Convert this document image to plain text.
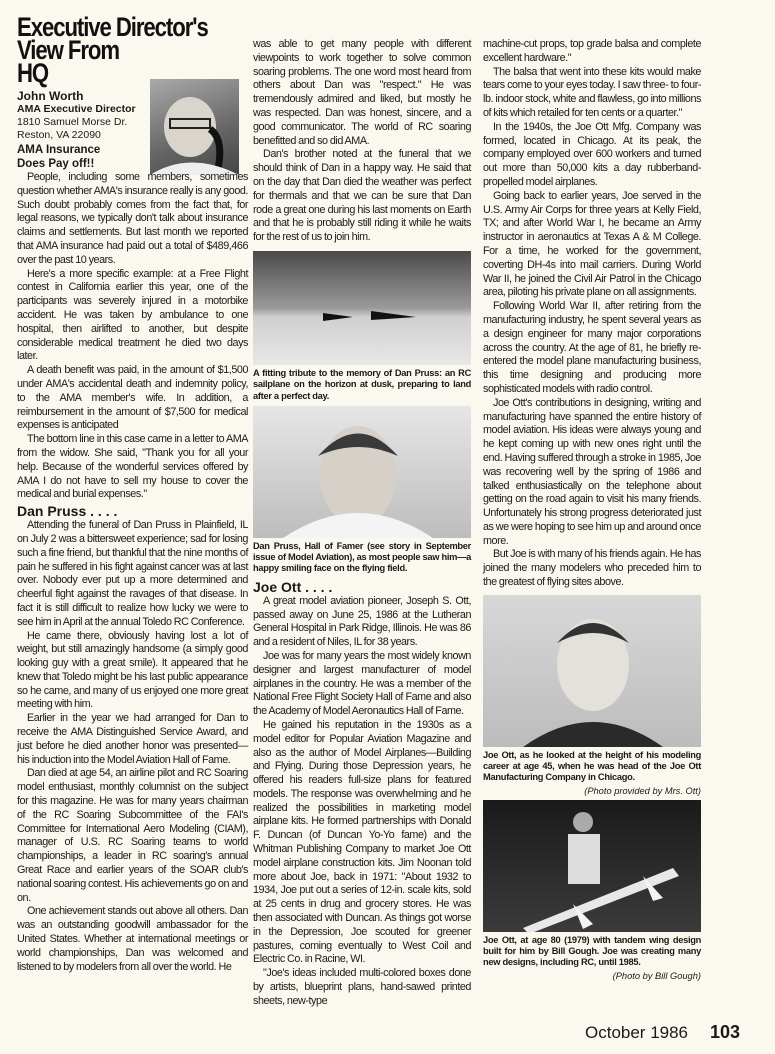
Executive Director's
View From
HQ
John Worth
AMA Executive Director
1810 Samuel Morse Dr.
Reston, VA 22090
AMA Insurance
Does Pay off!!

People, including some members, sometimes question whether AMA's insurance really is any good. Such doubt probably comes from the fact that, for legal reasons, we typically don't talk about insurance claims and settlements. But last month we reported that AMA insurance had paid out a total of $489,466 over the past 10 years.

Here's a more specific example: at a Free Flight contest in California earlier this year, one of the participants was severely injured in a motorbike accident. He was taken by ambulance to one hospital, then airlifted to another, but despite considerable medical treatment he died two days later.

A death benefit was paid, in the amount of $1,500 under AMA's accidental death and indemnity policy, to the AMA member's wife. In addition, a reimbursement in the amount of $7,500 for medical expenses is anticipated

The bottom line in this case came in a letter to AMA from the widow. She said, "Thank you for all your help. Because of the wonderful services offered by AMA I do not have to sell my house to cover the medical and burial expenses."

Dan Pruss . . . .

Attending the funeral of Dan Pruss in Plainfield, IL on July 2 was a bittersweet experience; sad for losing such a fine friend, but thankful that the nine months of pain he suffered in his fight against cancer was at last over. Nobody ever put up a more determined and cheerful fight against the ravages of that disease. In fact it is still difficult to realize how lucky we were to see him in April at the annual Toledo RC Conference.

He came there, obviously having lost a lot of weight, but still amazingly handsome (a simply good looking guy with a great smile). It appeared that he knew that Toledo might be his last public appearance so he came, and many of us enjoyed one more great meeting with him.

Earlier in the year we had arranged for Dan to receive the AMA Distinguished Service Award, and just before he died another honor was presented—his induction into the Model Aviation Hall of Fame.

Dan died at age 54, an airline pilot and RC Soaring model enthusiast, monthly columnist on the subject for this magazine. He was for many years chairman of the RC Soaring Subcommittee of the FAI's Committee for International Aero Modeling (CIAM), manager of U.S. RC Soaring teams to world championships, a leader in RC soaring's annual Great Race and earlier years of the SOAR club's national soaring contest. His achievements go on and on.

One achievement stands out above all others. Dan was an outstanding goodwill ambassador for the United States. Whether at international meetings or world championships, Dan was welcomed and listened to by modelers from all over the world. He

was able to get many people with different viewpoints to work together to solve common soaring problems. The one word most heard from others about Dan was "respect." He was tremendously admired and liked, but mostly he was respected. Dan was honest, sincere, and a good communicator. The world of RC soaring benefitted and so did AMA.

Dan's brother noted at the funeral that we should think of Dan in a happy way. He said that on the day that Dan died the weather was perfect for thermals and that we can be sure that Dan rode a great one during his last moments on Earth and that he is probably still riding it while he waits for the rest of us to join him.

A fitting tribute to the memory of Dan Pruss: an RC sailplane on the horizon at dusk, preparing to land after a perfect day.
Dan Pruss, Hall of Famer (see story in September issue of Model Aviation), as most people saw him—a happy smiling face on the flying field.
Joe Ott . . . .

A great model aviation pioneer, Joseph S. Ott, passed away on June 25, 1986 at the Lutheran General Hospital in Park Ridge, Illinois. He was 86 and a resident of Niles, IL for 38 years.

Joe was for many years the most widely known designer and largest manufacturer of model airplanes in the country. He was a member of the National Free Flight Society Hall of Fame and also the Academy of Model Aeronautics Hall of Fame.

He gained his reputation in the 1930s as a model editor for Popular Aviation Magazine and also as the author of Model Airplanes—Building and Flying. During those Depression years, he offered his readers full-size plans for featured models. The response was overwhelming and he realized the possibilities in marketing model airplane kits. He formed partnerships with Donald F. Duncan (of Duncan Yo-Yo fame) and the Whitman Publishing Company to market Joe Ott model airplane construction kits. Jim Noonan told more about Joe, back in 1971: "About 1932 to 1934, Joe put out a series of 12-in. scale kits, sold at 25 cents in drug and grocery stores. He was then associated with Duncan. As things got worse in the Depression, Joe scouted for greener pastures, coming eventually to West Coil and Electric Co. in Racine, WI.

"Joe's ideas included multi-colored boxes done by artists, blueprint plans, hand-sawed printed sheets, new-type

machine-cut props, top grade balsa and complete excellent hardware."

The balsa that went into these kits would make tears come to your eyes today. I saw three- to four-lb. indoor stock, white and flawless, go into millions of kits which retailed for ten cents or a quarter."

In the 1940s, the Joe Ott Mfg. Company was formed, located in Chicago. At its peak, the company employed over 600 workers and turned out more than 50,000 kits a day rubberband-propelled model airplanes.

Going back to earlier years, Joe served in the U.S. Army Air Corps for three years at Kelly Field, TX; and after World War I, he became an Army instructor in aeronautics at Texas A & M College. For a time, he worked for the government, coverting DH-4s into mail carriers. During World War II, he joined the Civil Air Patrol in the Chicago area, piloting his private plane on all assignments.

Following World War II, after retiring from the manufacturing industry, he spent several years as a design engineer for many major corporations across the country. At the age of 81, he briefly re-entered the model plane manufacturing business, this time designing and producing more sophisticated models with radio control.

Joe Ott's contributions in designing, writing and manufacturing have spanned the entire history of model aviation. His ideas were always young and he kept coming up with new ones right until the end. Having suffered through a stroke in 1985, Joe was recovering well by the spring of 1986 and talked enthusiastically on the telephone about getting on the road again to visit his many friends. Unfortunately his strong progress deteriorated just as we were hoping to see him up and around once more.

But Joe is with many of his friends again. He has joined the many modelers who preceded him to the greatest of flying sites above.

Joe Ott, as he looked at the height of his modeling career at age 45, when he was head of the Joe Ott Manufacturing Company in Chicago.
(Photo provided by Mrs. Ott)
Joe Ott, at age 80 (1979) with tandem wing design built for him by Bill Gough. Joe was creating many new designs, including RC, until 1985.
(Photo by Bill Gough)
October 1986 103
